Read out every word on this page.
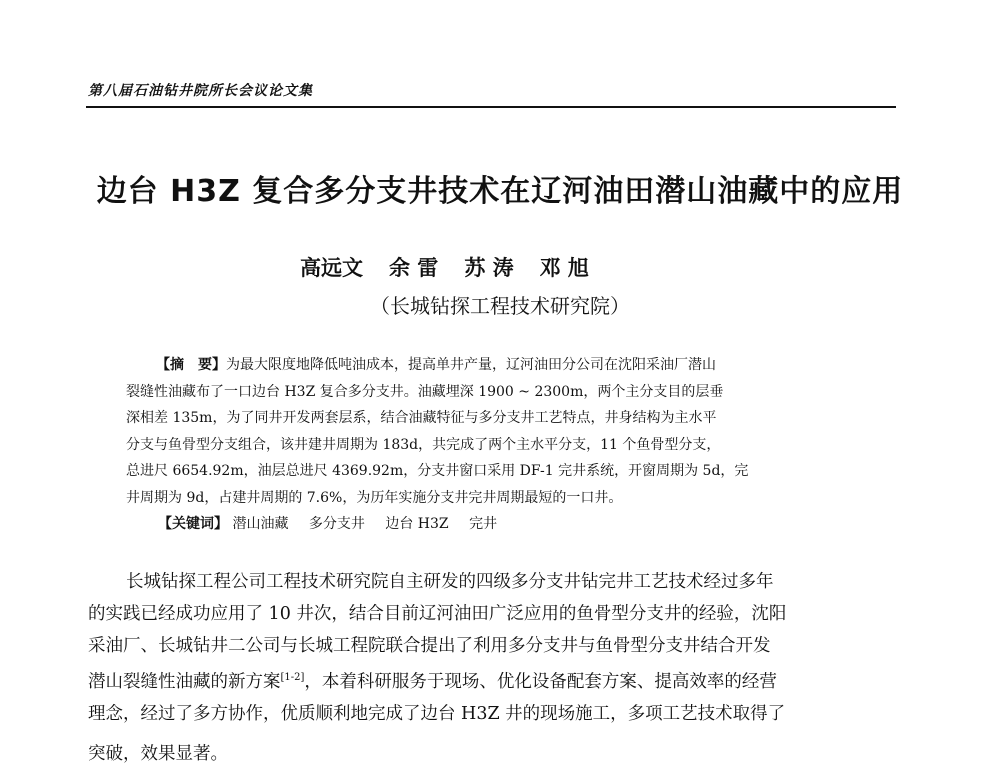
第八届石油钻井院所长会议论文集
边台 H3Z 复合多分支井技术在辽河油田潜山油藏中的应用
高远文 余 雷 苏 涛 邓 旭
（长城钻探工程技术研究院）

【摘　要】为最大限度地降低吨油成本，提高单井产量，辽河油田分公司在沈阳采油厂潜山

裂缝性油藏布了一口边台 H3Z 复合多分支井。油藏埋深 1900 ~ 2300m，两个主分支目的层垂

深相差 135m，为了同井开发两套层系，结合油藏特征与多分支井工艺特点，井身结构为主水平

分支与鱼骨型分支组合，该井建井周期为 183d，共完成了两个主水平分支，11 个鱼骨型分支，

总进尺 6654.92m，油层总进尺 4369.92m，分支井窗口采用 DF-1 完井系统，开窗周期为 5d，完

井周期为 9d，占建井周期的 7.6%，为历年实施分支井完井周期最短的一口井。

【关键词】 潜山油藏 多分支井 边台 H3Z 完井

长城钻探工程公司工程技术研究院自主研发的四级多分支井钻完井工艺技术经过多年

的实践已经成功应用了 10 井次，结合目前辽河油田广泛应用的鱼骨型分支井的经验，沈阳

采油厂、长城钻井二公司与长城工程院联合提出了利用多分支井与鱼骨型分支井结合开发

潜山裂缝性油藏的新方案[1-2]，本着科研服务于现场、优化设备配套方案、提高效率的经营

理念，经过了多方协作，优质顺利地完成了边台 H3Z 井的现场施工，多项工艺技术取得了

突破，效果显著。
